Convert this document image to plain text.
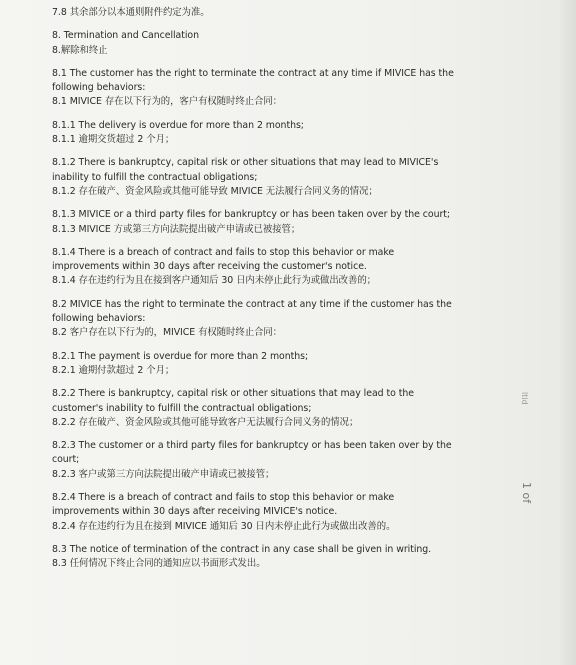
7.8 其余部分以本通则附件约定为准。

8. Termination and Cancellation

8.解除和终止

8.1 The customer has the right to terminate the contract at any time if MIVICE has the following behaviors:

8.1 MIVICE 存在以下行为的，客户有权随时终止合同：

8.1.1 The delivery is overdue for more than 2 months;

8.1.1 逾期交货超过 2 个月；

8.1.2 There is bankruptcy, capital risk or other situations that may lead to MIVICE's inability to fulfill the contractual obligations;

8.1.2 存在破产、资金风险或其他可能导致 MIVICE 无法履行合同义务的情况；

8.1.3 MIVICE or a third party files for bankruptcy or has been taken over by the court;

8.1.3 MIVICE 方或第三方向法院提出破产申请或已被接管；

8.1.4 There is a breach of contract and fails to stop this behavior or make improvements within 30 days after receiving the customer's notice.

8.1.4 存在违约行为且在接到客户通知后 30 日内未停止此行为或做出改善的；

8.2 MIVICE has the right to terminate the contract at any time if the customer has the following behaviors:

8.2 客户存在以下行为的，MIVICE 有权随时终止合同：

8.2.1 The payment is overdue for more than 2 months;

8.2.1 逾期付款超过 2 个月；

8.2.2 There is bankruptcy, capital risk or other situations that may lead to the customer's inability to fulfill the contractual obligations;

8.2.2 存在破产、资金风险或其他可能导致客户无法履行合同义务的情况；

8.2.3 The customer or a third party files for bankruptcy or has been taken over by the court;

8.2.3 客户或第三方向法院提出破产申请或已被接管；

8.2.4 There is a breach of contract and fails to stop this behavior or make improvements within 30 days after receiving MIVICE's notice.

8.2.4 存在违约行为且在接到 MIVICE 通知后 30 日内未停止此行为或做出改善的。

8.3 The notice of termination of the contract in any case shall be given in writing.

8.3 任何情况下终止合同的通知应以书面形式发出。

ltid
1 of
